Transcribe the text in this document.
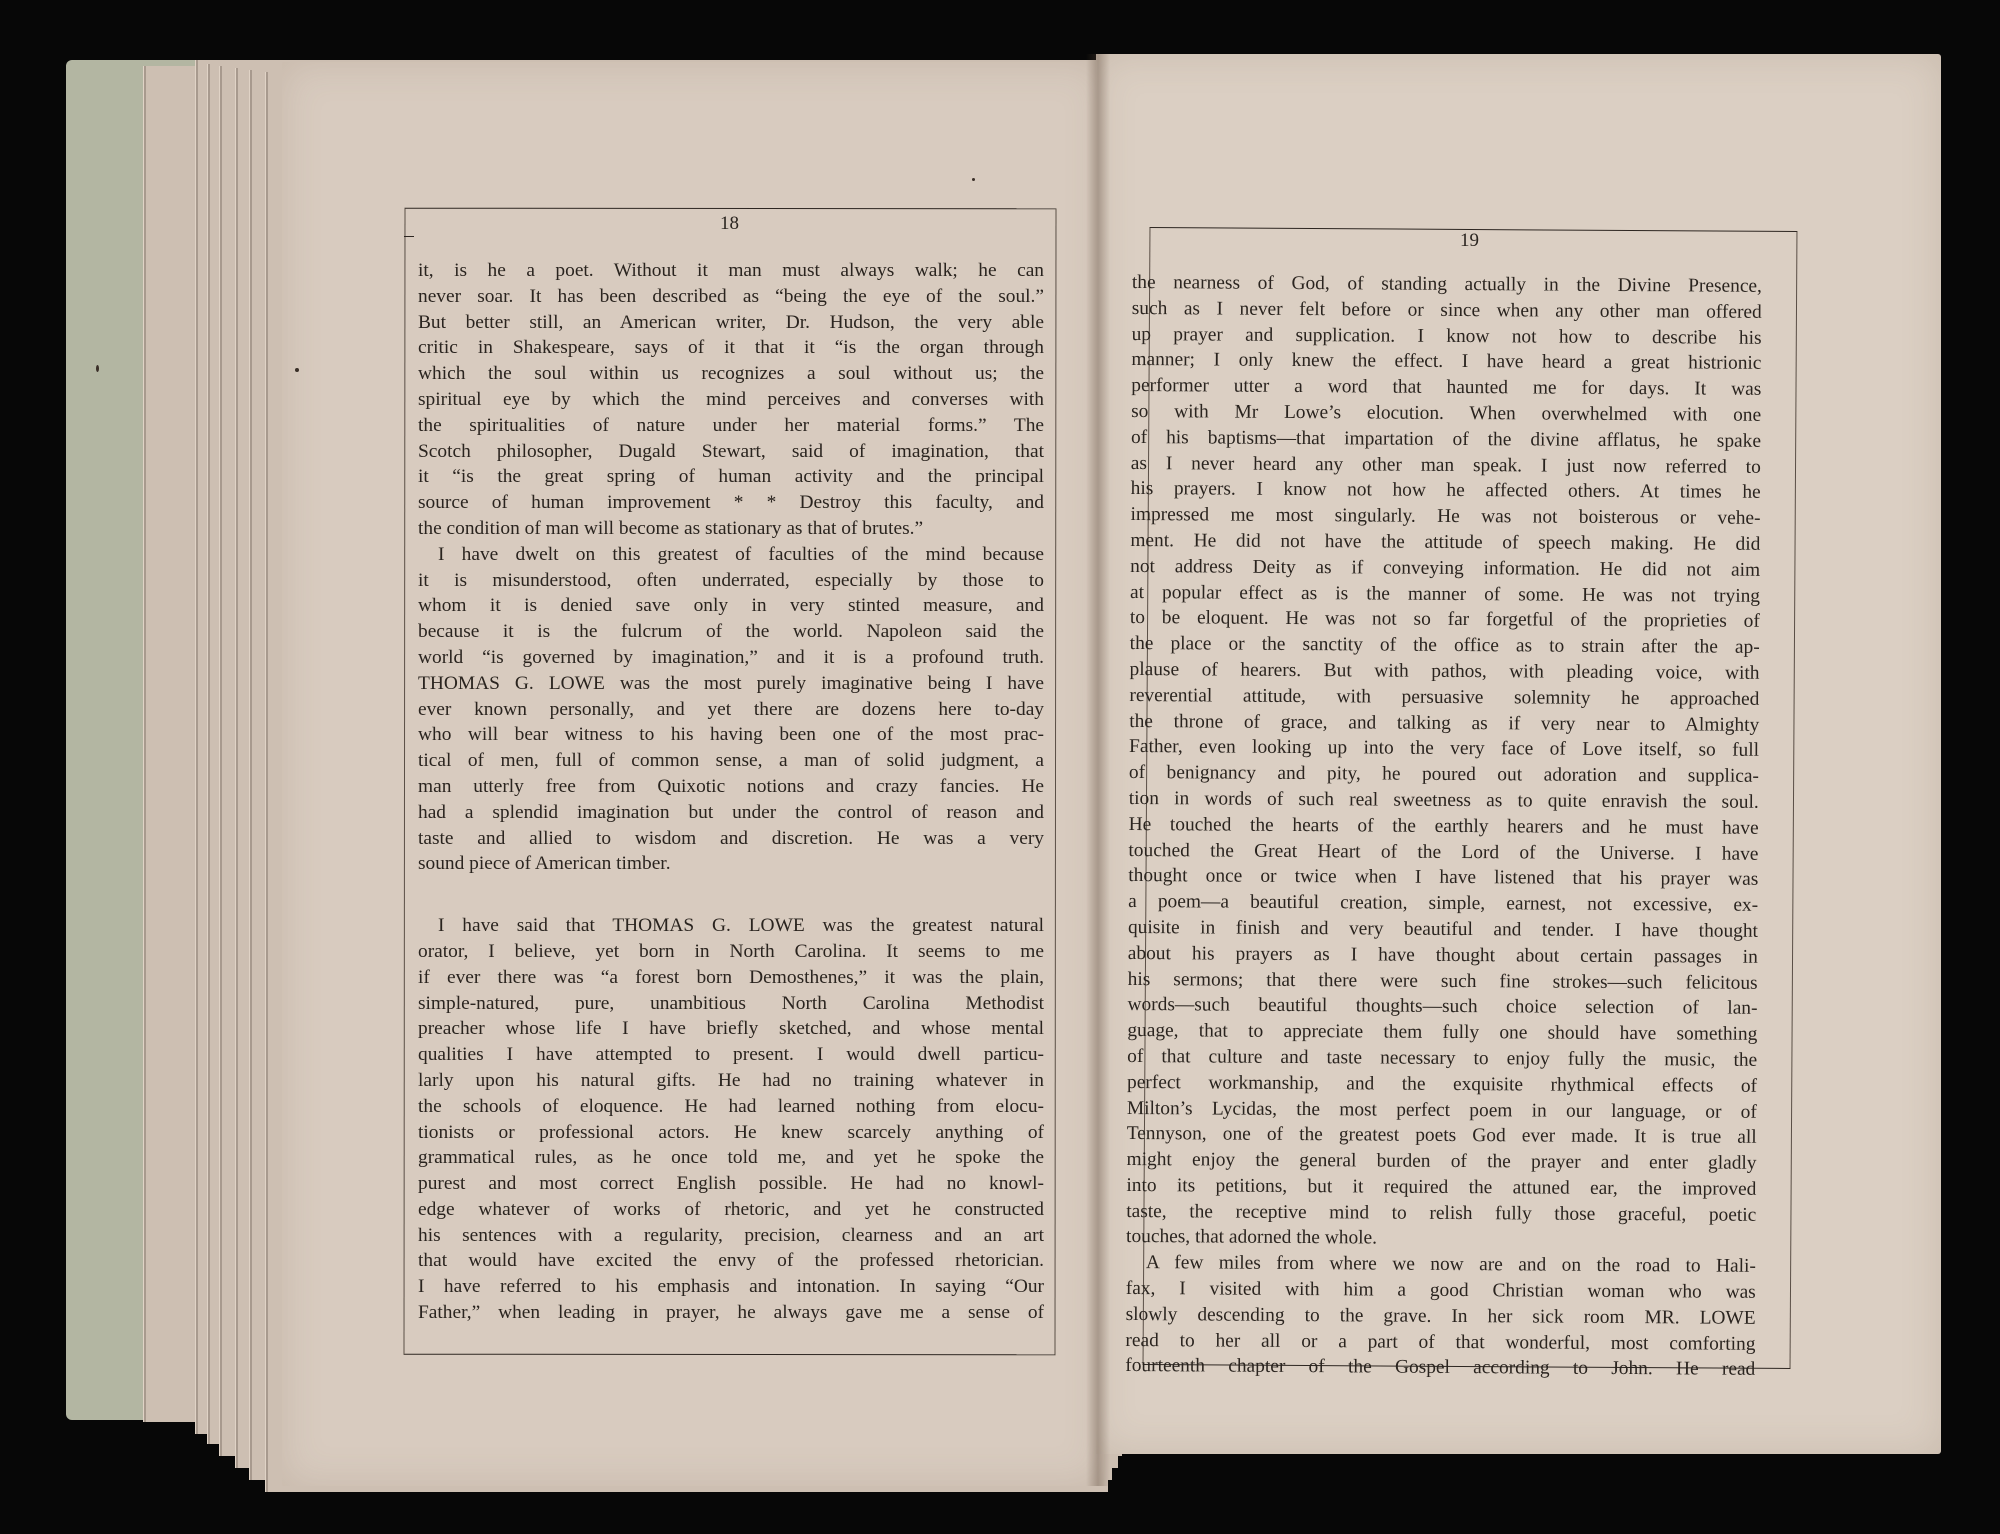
18
19
it, is he a poet. Without it man must always walk; he can
never soar. It has been described as “being the eye of the soul.”
But better still, an American writer, Dr. Hudson, the very able
critic in Shakespeare, says of it that it “is the organ through
which the soul within us recognizes a soul without us; the
spiritual eye by which the mind perceives and converses with
the spiritualities of nature under her material forms.” The
Scotch philosopher, Dugald Stewart, said of imagination, that
it “is the great spring of human activity and the principal
source of human improvement * * Destroy this faculty, and
the condition of man will become as stationary as that of brutes.”
I have dwelt on this greatest of faculties of the mind because
it is misunderstood, often underrated, especially by those to
whom it is denied save only in very stinted measure, and
because it is the fulcrum of the world. Napoleon said the
world “is governed by imagination,” and it is a profound truth.
THOMAS G. LOWE was the most purely imaginative being I have
ever known personally, and yet there are dozens here to-day
who will bear witness to his having been one of the most prac-
tical of men, full of common sense, a man of solid judgment, a
man utterly free from Quixotic notions and crazy fancies. He
had a splendid imagination but under the control of reason and
taste and allied to wisdom and discretion. He was a very
sound piece of American timber.
I have said that THOMAS G. LOWE was the greatest natural
orator, I believe, yet born in North Carolina. It seems to me
if ever there was “a forest born Demosthenes,” it was the plain,
simple-natured, pure, unambitious North Carolina Methodist
preacher whose life I have briefly sketched, and whose mental
qualities I have attempted to present. I would dwell particu-
larly upon his natural gifts. He had no training whatever in
the schools of eloquence. He had learned nothing from elocu-
tionists or professional actors. He knew scarcely anything of
grammatical rules, as he once told me, and yet he spoke the
purest and most correct English possible. He had no knowl-
edge whatever of works of rhetoric, and yet he constructed
his sentences with a regularity, precision, clearness and an art
that would have excited the envy of the professed rhetorician.
I have referred to his emphasis and intonation. In saying “Our
Father,” when leading in prayer, he always gave me a sense of
the nearness of God, of standing actually in the Divine Presence,
such as I never felt before or since when any other man offered
up prayer and supplication. I know not how to describe his
manner; I only knew the effect. I have heard a great histrionic
performer utter a word that haunted me for days. It was
so with Mr Lowe’s elocution. When overwhelmed with one
of his baptisms—that impartation of the divine afflatus, he spake
as I never heard any other man speak. I just now referred to
his prayers. I know not how he affected others. At times he
impressed me most singularly. He was not boisterous or vehe-
ment. He did not have the attitude of speech making. He did
not address Deity as if conveying information. He did not aim
at popular effect as is the manner of some. He was not trying
to be eloquent. He was not so far forgetful of the proprieties of
the place or the sanctity of the office as to strain after the ap-
plause of hearers. But with pathos, with pleading voice, with
reverential attitude, with persuasive solemnity he approached
the throne of grace, and talking as if very near to Almighty
Father, even looking up into the very face of Love itself, so full
of benignancy and pity, he poured out adoration and supplica-
tion in words of such real sweetness as to quite enravish the soul.
He touched the hearts of the earthly hearers and he must have
touched the Great Heart of the Lord of the Universe. I have
thought once or twice when I have listened that his prayer was
a poem—a beautiful creation, simple, earnest, not excessive, ex-
quisite in finish and very beautiful and tender. I have thought
about his prayers as I have thought about certain passages in
his sermons; that there were such fine strokes—such felicitous
words—such beautiful thoughts—such choice selection of lan-
guage, that to appreciate them fully one should have something
of that culture and taste necessary to enjoy fully the music, the
perfect workmanship, and the exquisite rhythmical effects of
Milton’s Lycidas, the most perfect poem in our language, or of
Tennyson, one of the greatest poets God ever made. It is true all
might enjoy the general burden of the prayer and enter gladly
into its petitions, but it required the attuned ear, the improved
taste, the receptive mind to relish fully those graceful, poetic
touches, that adorned the whole.
A few miles from where we now are and on the road to Hali-
fax, I visited with him a good Christian woman who was
slowly descending to the grave. In her sick room MR. LOWE
read to her all or a part of that wonderful, most comforting
fourteenth chapter of the Gospel according to John. He read
